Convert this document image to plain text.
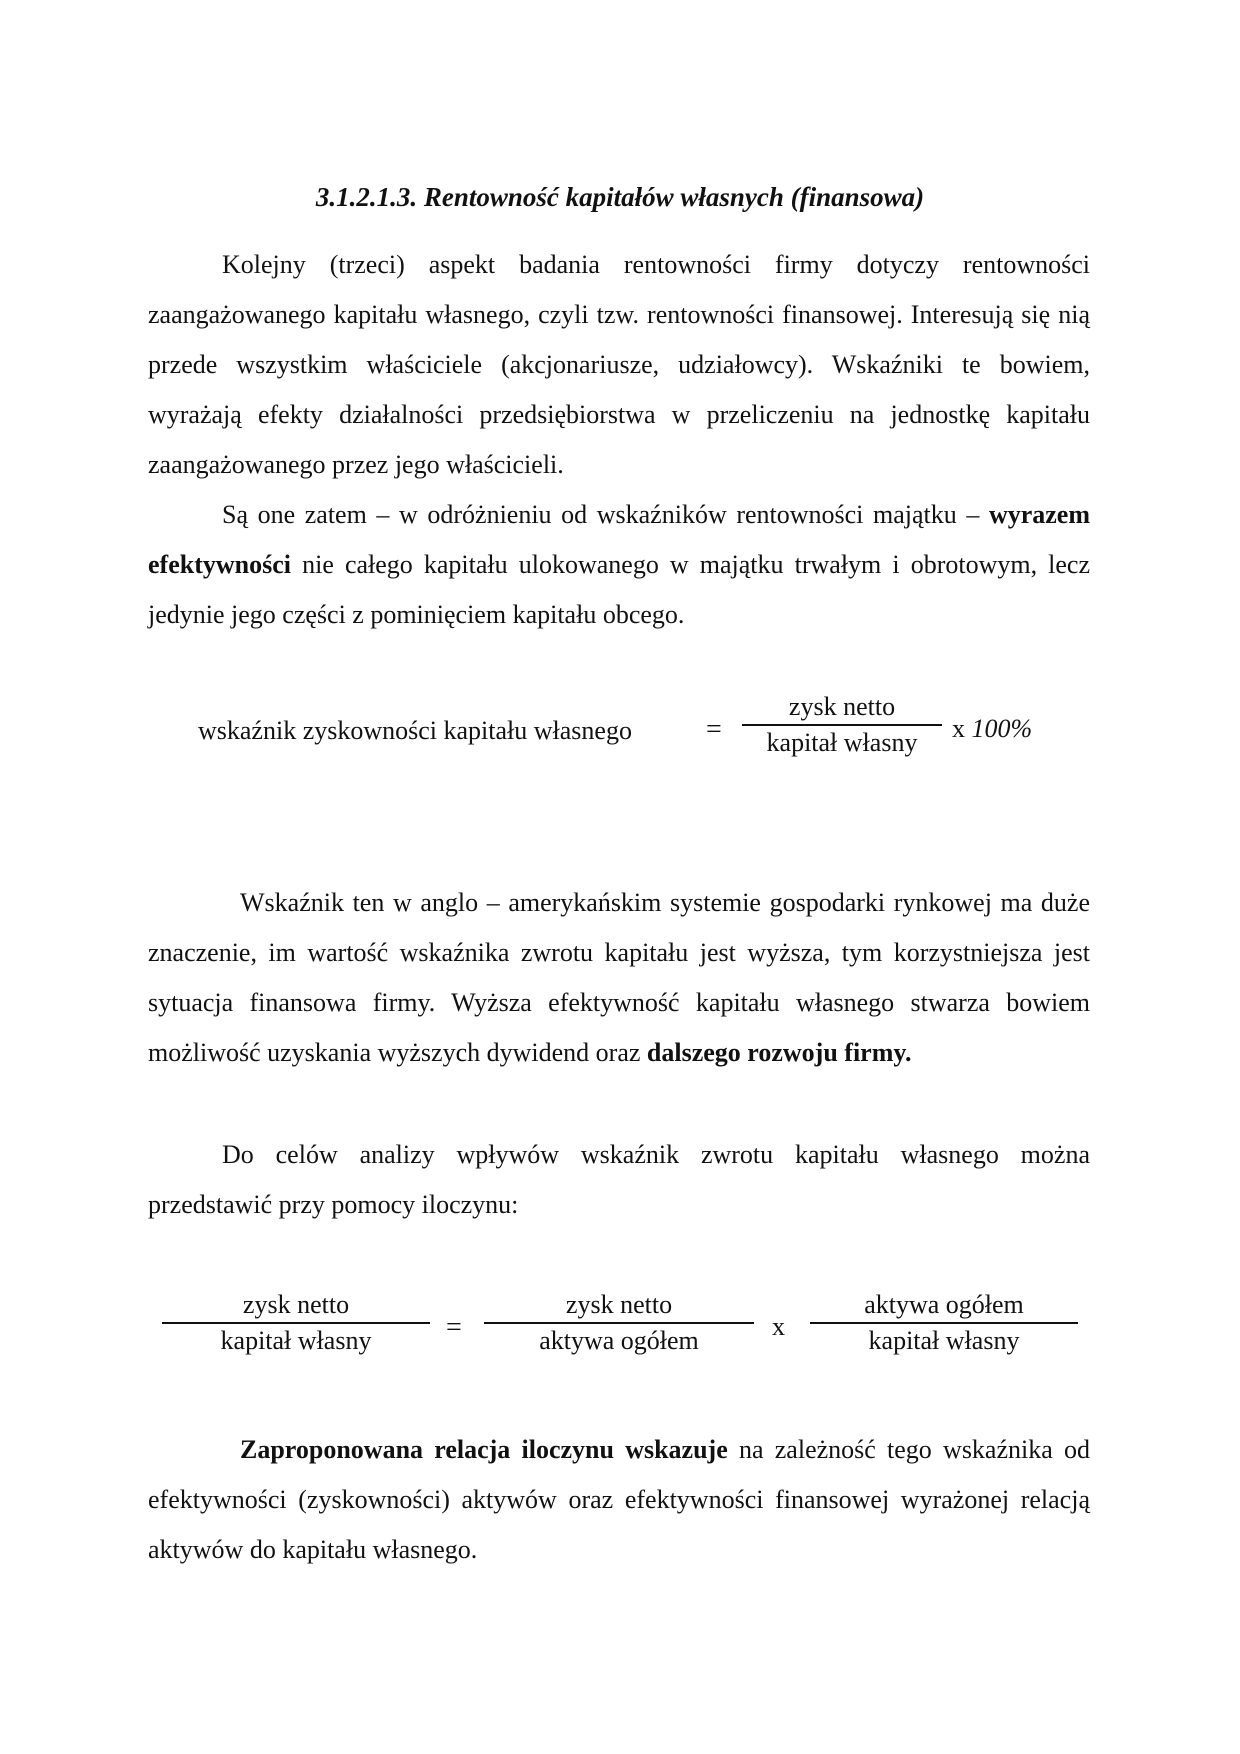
3.1.2.1.3. Rentowność kapitałów własnych (finansowa)

Kolejny (trzeci) aspekt badania rentowności firmy dotyczy rentowności zaangażowanego kapitału własnego, czyli tzw. rentowności finansowej. Interesują się nią przede wszystkim właściciele (akcjonariusze, udziałowcy). Wskaźniki te bowiem, wyrażają efekty działalności przedsiębiorstwa w przeliczeniu na jednostkę kapitału zaangażowanego przez jego właścicieli.

Są one zatem – w odróżnieniu od wskaźników rentowności majątku – wyrazem efektywności nie całego kapitału ulokowanego w majątku trwałym i obrotowym, lecz jedynie jego części z pominięciem kapitału obcego.

wskaźnik zyskowności kapitału własnego	=
zysk netto
kapitał własny	x 100%

Wskaźnik ten w anglo – amerykańskim systemie gospodarki rynkowej ma duże znaczenie, im wartość wskaźnika zwrotu kapitału jest wyższa, tym korzystniejsza jest sytuacja finansowa firmy. Wyższa efektywność kapitału własnego stwarza bowiem możliwość uzyskania wyższych dywidend oraz dalszego rozwoju firmy.

Do celów analizy wpływów wskaźnik zwrotu kapitału własnego można przedstawić przy pomocy iloczynu:

zysk netto
kapitał własny	=
zysk netto
aktywa ogółem	x
aktywa ogółem
kapitał własny

Zaproponowana relacja iloczynu wskazuje na zależność tego wskaźnika od efektywności (zyskowności) aktywów oraz efektywności finansowej wyrażonej relacją aktywów do kapitału własnego.
